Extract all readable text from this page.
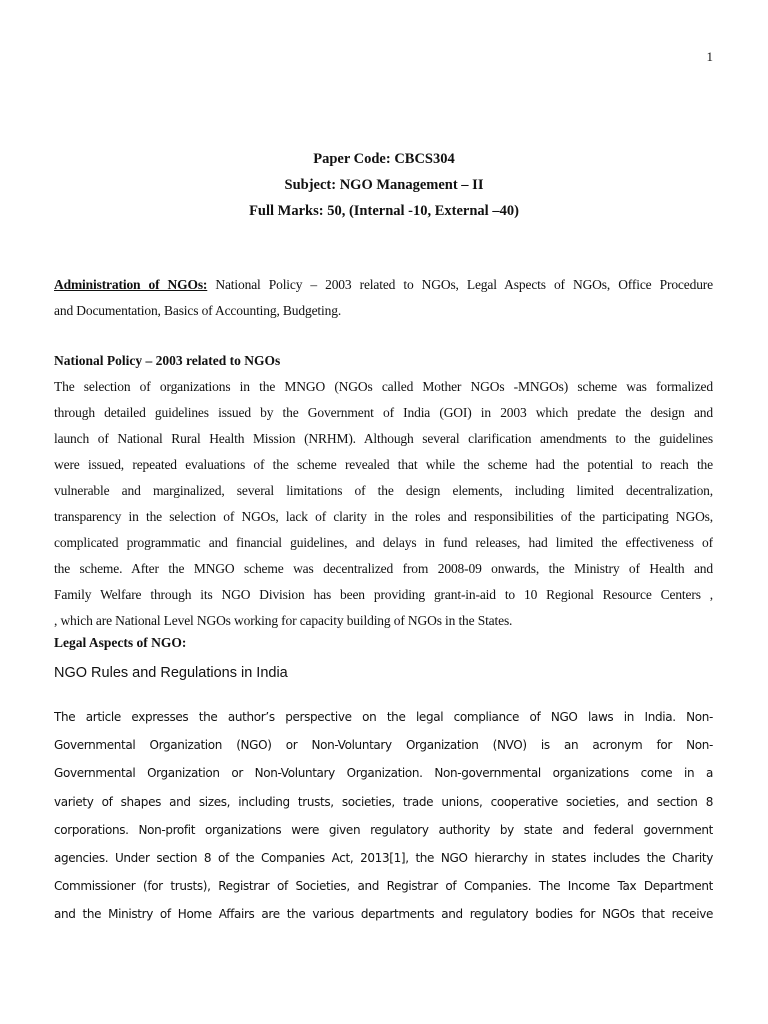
1
Paper Code: CBCS304
Subject: NGO Management – II
Full Marks: 50, (Internal -10, External –40)
Administration of NGOs: National Policy – 2003 related to NGOs, Legal Aspects of NGOs, Office Procedure
and Documentation, Basics of Accounting, Budgeting.
National Policy – 2003 related to NGOs
The selection of organizations in the MNGO (NGOs called Mother NGOs -MNGOs) scheme was formalized
through detailed guidelines issued by the Government of India (GOI) in 2003 which predate the design and
launch of National Rural Health Mission (NRHM). Although several clarification amendments to the guidelines
were issued, repeated evaluations of the scheme revealed that while the scheme had the potential to reach the
vulnerable and marginalized, several limitations of the design elements, including limited decentralization,
transparency in the selection of NGOs, lack of clarity in the roles and responsibilities of the participating NGOs,
complicated programmatic and financial guidelines, and delays in fund releases, had limited the effectiveness of
the scheme. After the MNGO scheme was decentralized from 2008-09 onwards, the Ministry of Health and
Family Welfare through its NGO Division has been providing grant-in-aid to 10 Regional Resource Centers ,
, which are National Level NGOs working for capacity building of NGOs in the States.
Legal Aspects of NGO:
NGO Rules and Regulations in India
The article expresses the author’s perspective on the legal compliance of NGO laws in India. Non-
Governmental Organization (NGO) or Non-Voluntary Organization (NVO) is an acronym for Non-
Governmental Organization or Non-Voluntary Organization. Non-governmental organizations come in a
variety of shapes and sizes, including trusts, societies, trade unions, cooperative societies, and section 8
corporations. Non-profit organizations were given regulatory authority by state and federal government
agencies. Under section 8 of the Companies Act, 2013[1], the NGO hierarchy in states includes the Charity
Commissioner (for trusts), Registrar of Societies, and Registrar of Companies. The Income Tax Department
and the Ministry of Home Affairs are the various departments and regulatory bodies for NGOs that receive
